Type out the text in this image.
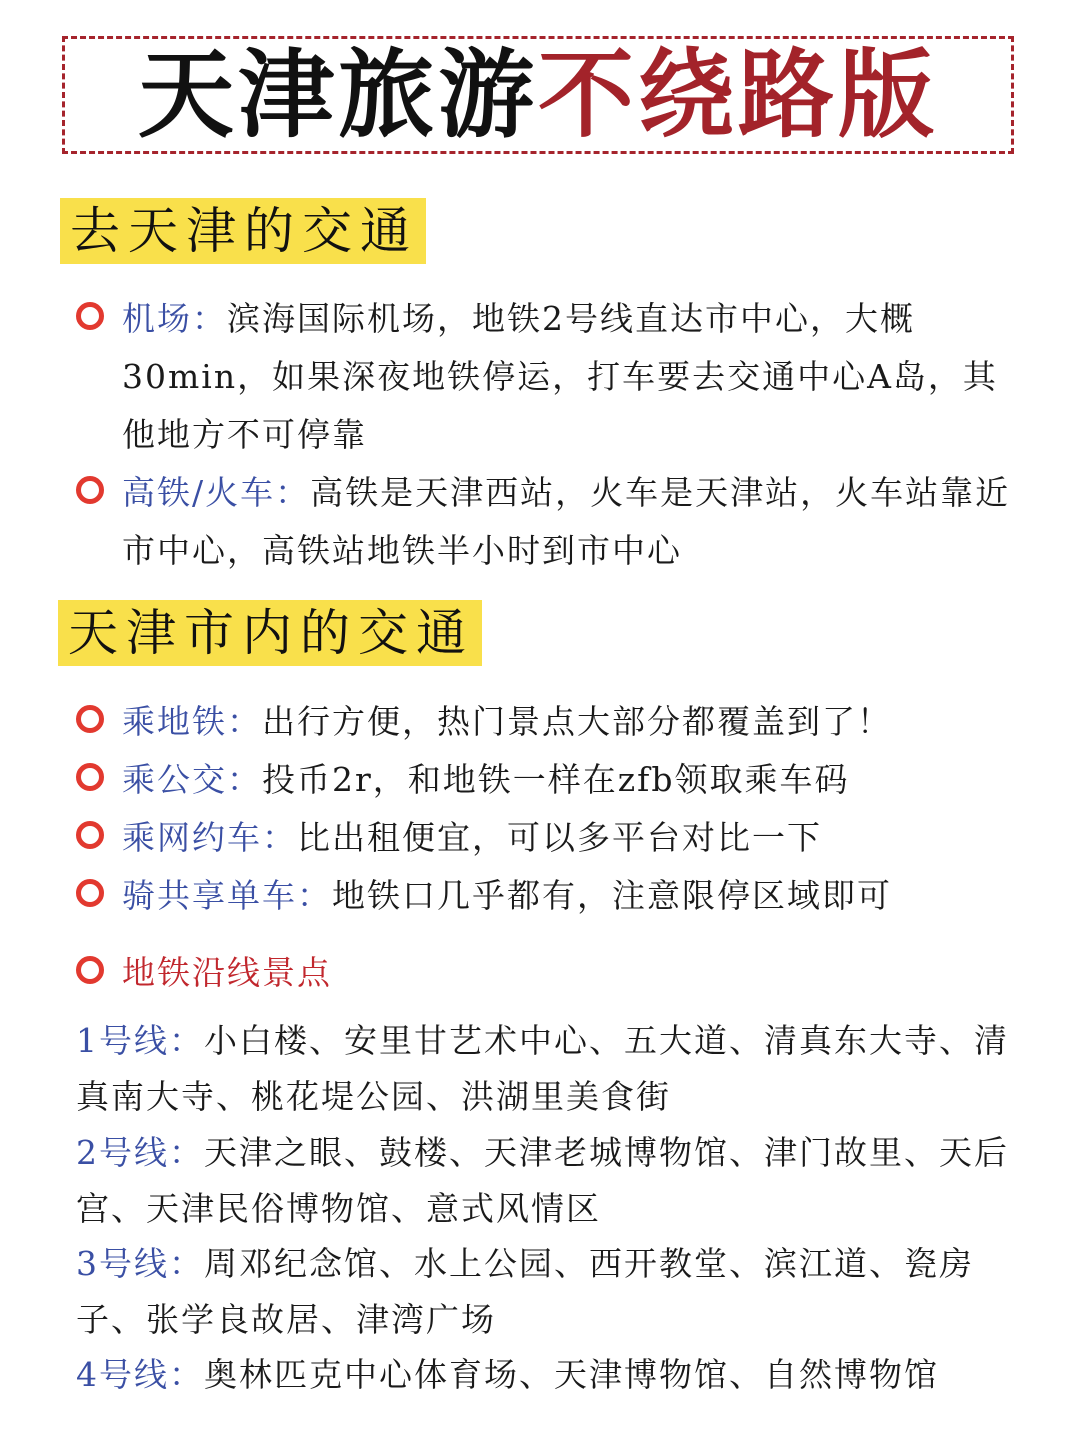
天津旅游不绕路版
去天津的交通
机场：滨海国际机场，地铁2号线直达市中心，大概30min，如果深夜地铁停运，打车要去交通中心A岛，其他地方不可停靠
高铁/火车：高铁是天津西站，火车是天津站，火车站靠近市中心，高铁站地铁半小时到市中心
天津市内的交通
乘地铁：出行方便，热门景点大部分都覆盖到了！
乘公交：投币2r，和地铁一样在zfb领取乘车码
乘网约车：比出租便宜，可以多平台对比一下
骑共享单车：地铁口几乎都有，注意限停区域即可
地铁沿线景点
1号线：小白楼、安里甘艺术中心、五大道、清真东大寺、清真南大寺、桃花堤公园、洪湖里美食街
2号线：天津之眼、鼓楼、天津老城博物馆、津门故里、天后宫、天津民俗博物馆、意式风情区
3号线：周邓纪念馆、水上公园、西开教堂、滨江道、瓷房子、张学良故居、津湾广场
4号线：奥林匹克中心体育场、天津博物馆、自然博物馆
